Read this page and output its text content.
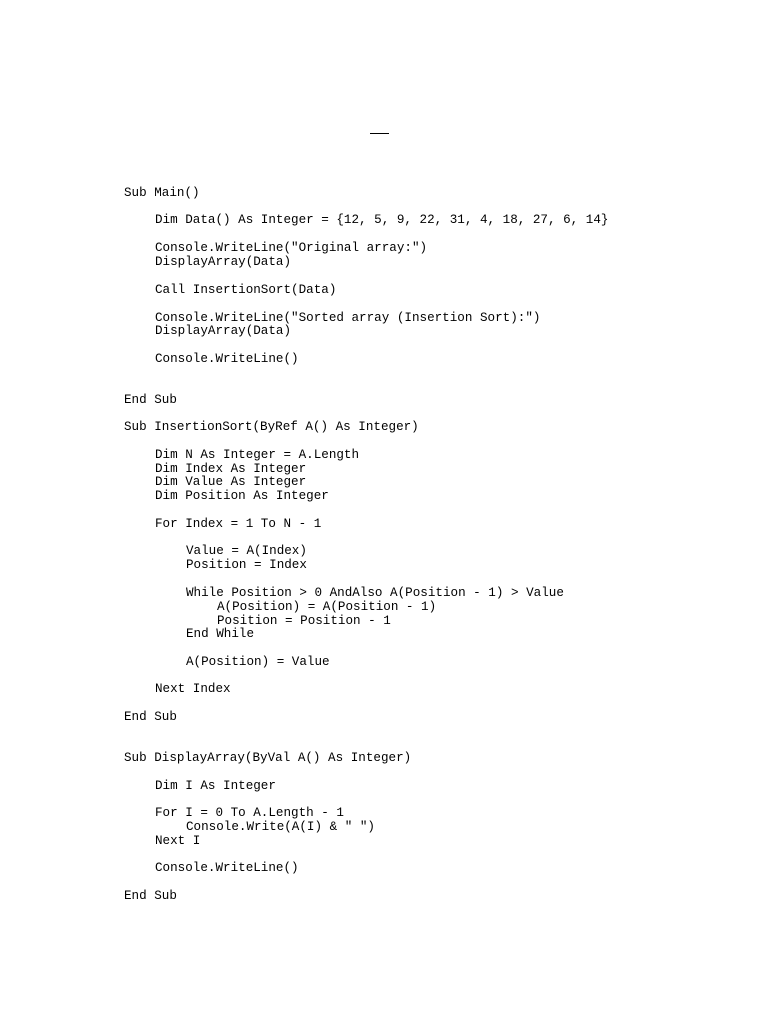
Sub Main()
Dim Data() As Integer = {12, 5, 9, 22, 31, 4, 18, 27, 6, 14}
Console.WriteLine("Original array:")
DisplayArray(Data)
Call InsertionSort(Data)
Console.WriteLine("Sorted array (Insertion Sort):")
DisplayArray(Data)
Console.WriteLine()
End Sub
Sub InsertionSort(ByRef A() As Integer)
Dim N As Integer = A.Length
Dim Index As Integer
Dim Value As Integer
Dim Position As Integer
For Index = 1 To N - 1
Value = A(Index)
Position = Index
While Position > 0 AndAlso A(Position - 1) > Value
A(Position) = A(Position - 1)
Position = Position - 1
End While
A(Position) = Value
Next Index
End Sub
Sub DisplayArray(ByVal A() As Integer)
Dim I As Integer
For I = 0 To A.Length - 1
Console.Write(A(I) & " ")
Next I
Console.WriteLine()
End Sub
